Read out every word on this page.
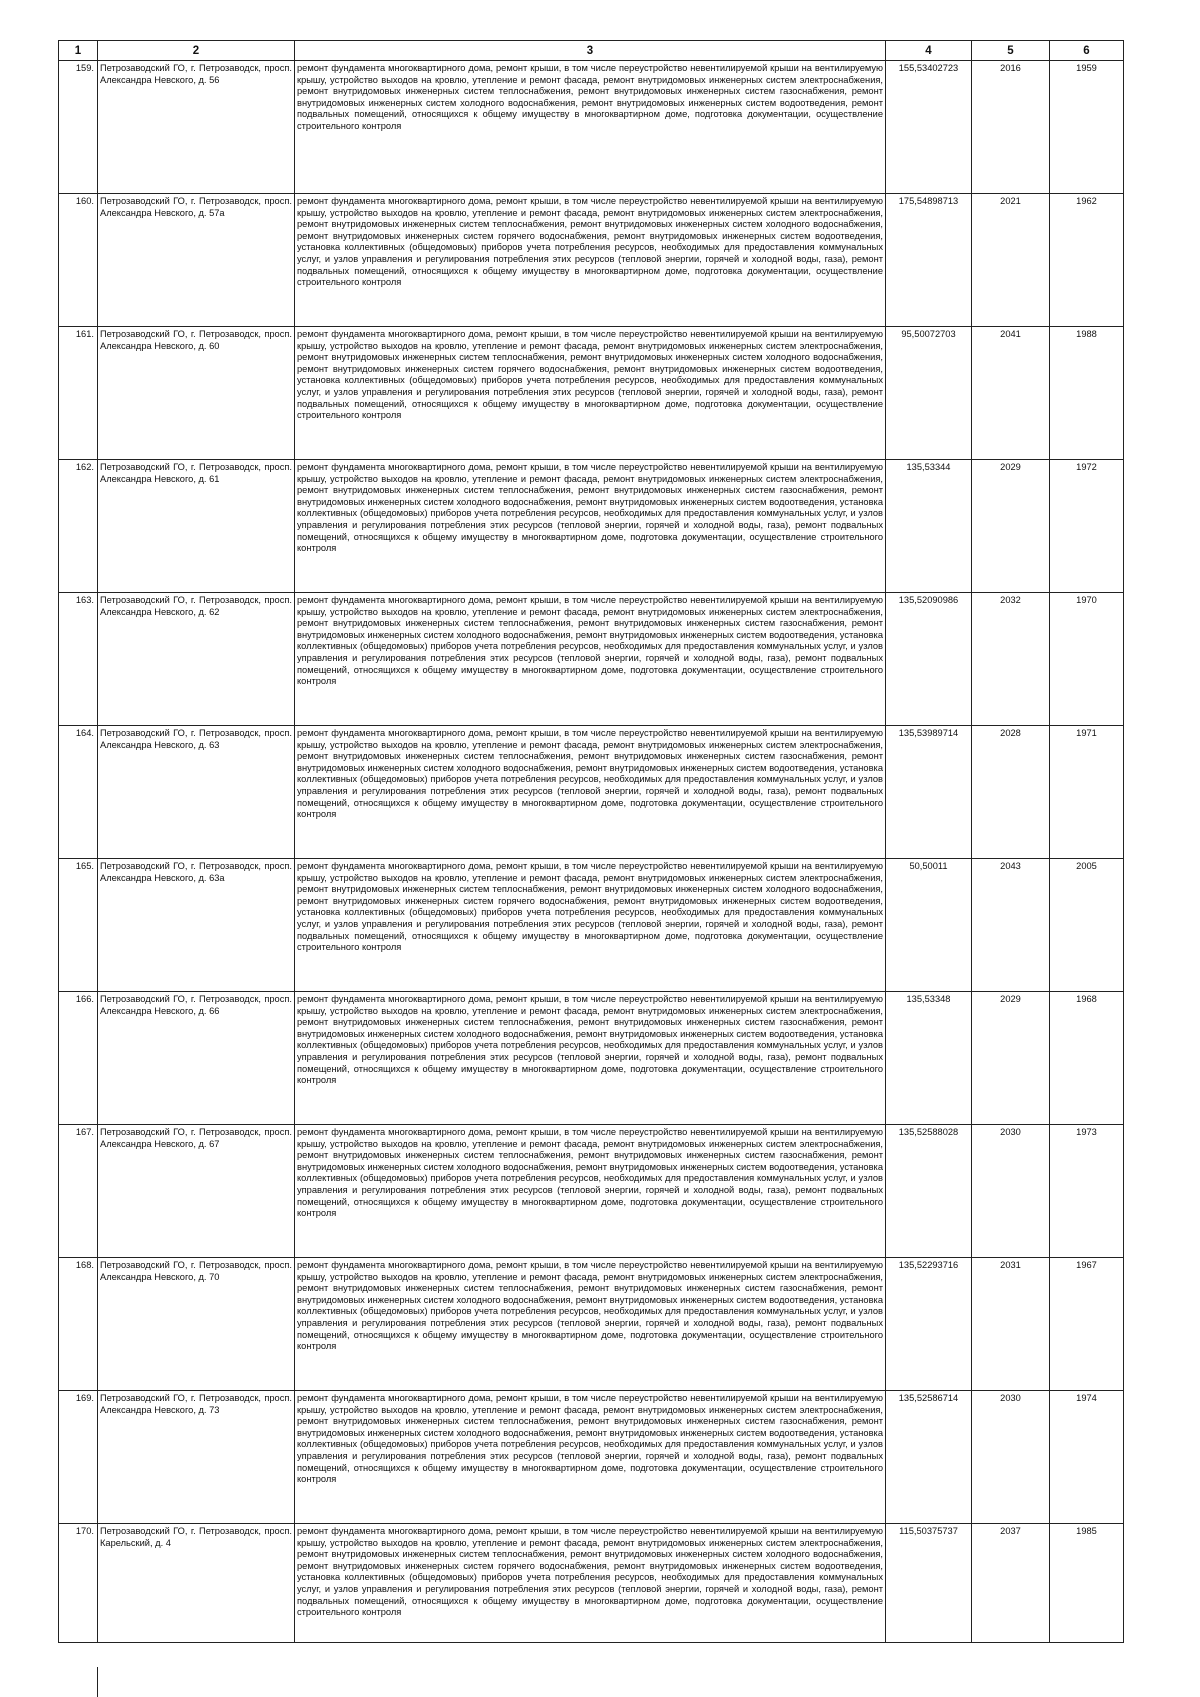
1	2	3	4	5	6
159.	Петрозаводский ГО, г. Петрозаводск, просп. Александра Невского, д. 56	ремонт фундамента многоквартирного дома, ремонт крыши, в том числе переустройство невентилируемой крыши на вентилируемую крышу, устройство выходов на кровлю, утепление и ремонт фасада, ремонт внутридомовых инженерных систем электроснабжения, ремонт внутридомовых инженерных систем теплоснабжения, ремонт внутридомовых инженерных систем газоснабжения, ремонт внутридомовых инженерных систем холодного водоснабжения, ремонт внутридомовых инженерных систем водоотведения, ремонт подвальных помещений, относящихся к общему имуществу в многоквартирном доме, подготовка документации, осуществление строительного контроля	155,53402723	2016	1959
160.	Петрозаводский ГО, г. Петрозаводск, просп. Александра Невского, д. 57а	ремонт фундамента многоквартирного дома, ремонт крыши, в том числе переустройство невентилируемой крыши на вентилируемую крышу, устройство выходов на кровлю, утепление и ремонт фасада, ремонт внутридомовых инженерных систем электроснабжения, ремонт внутридомовых инженерных систем теплоснабжения, ремонт внутридомовых инженерных систем холодного водоснабжения, ремонт внутридомовых инженерных систем горячего водоснабжения, ремонт внутридомовых инженерных систем водоотведения, установка коллективных (общедомовых) приборов учета потребления ресурсов, необходимых для предоставления коммунальных услуг, и узлов управления и регулирования потребления этих ресурсов (тепловой энергии, горячей и холодной воды, газа), ремонт подвальных помещений, относящихся к общему имуществу в многоквартирном доме, подготовка документации, осуществление строительного контроля	175,54898713	2021	1962
161.	Петрозаводский ГО, г. Петрозаводск, просп. Александра Невского, д. 60	ремонт фундамента многоквартирного дома, ремонт крыши, в том числе переустройство невентилируемой крыши на вентилируемую крышу, устройство выходов на кровлю, утепление и ремонт фасада, ремонт внутридомовых инженерных систем электроснабжения, ремонт внутридомовых инженерных систем теплоснабжения, ремонт внутридомовых инженерных систем холодного водоснабжения, ремонт внутридомовых инженерных систем горячего водоснабжения, ремонт внутридомовых инженерных систем водоотведения, установка коллективных (общедомовых) приборов учета потребления ресурсов, необходимых для предоставления коммунальных услуг, и узлов управления и регулирования потребления этих ресурсов (тепловой энергии, горячей и холодной воды, газа), ремонт подвальных помещений, относящихся к общему имуществу в многоквартирном доме, подготовка документации, осуществление строительного контроля	95,50072703	2041	1988
162.	Петрозаводский ГО, г. Петрозаводск, просп. Александра Невского, д. 61	ремонт фундамента многоквартирного дома, ремонт крыши, в том числе переустройство невентилируемой крыши на вентилируемую крышу, устройство выходов на кровлю, утепление и ремонт фасада, ремонт внутридомовых инженерных систем электроснабжения, ремонт внутридомовых инженерных систем теплоснабжения, ремонт внутридомовых инженерных систем газоснабжения, ремонт внутридомовых инженерных систем холодного водоснабжения, ремонт внутридомовых инженерных систем водоотведения, установка коллективных (общедомовых) приборов учета потребления ресурсов, необходимых для предоставления коммунальных услуг, и узлов управления и регулирования потребления этих ресурсов (тепловой энергии, горячей и холодной воды, газа), ремонт подвальных помещений, относящихся к общему имуществу в многоквартирном доме, подготовка документации, осуществление строительного контроля	135,53344	2029	1972
163.	Петрозаводский ГО, г. Петрозаводск, просп. Александра Невского, д. 62	ремонт фундамента многоквартирного дома, ремонт крыши, в том числе переустройство невентилируемой крыши на вентилируемую крышу, устройство выходов на кровлю, утепление и ремонт фасада, ремонт внутридомовых инженерных систем электроснабжения, ремонт внутридомовых инженерных систем теплоснабжения, ремонт внутридомовых инженерных систем газоснабжения, ремонт внутридомовых инженерных систем холодного водоснабжения, ремонт внутридомовых инженерных систем водоотведения, установка коллективных (общедомовых) приборов учета потребления ресурсов, необходимых для предоставления коммунальных услуг, и узлов управления и регулирования потребления этих ресурсов (тепловой энергии, горячей и холодной воды, газа), ремонт подвальных помещений, относящихся к общему имуществу в многоквартирном доме, подготовка документации, осуществление строительного контроля	135,52090986	2032	1970
164.	Петрозаводский ГО, г. Петрозаводск, просп. Александра Невского, д. 63	ремонт фундамента многоквартирного дома, ремонт крыши, в том числе переустройство невентилируемой крыши на вентилируемую крышу, устройство выходов на кровлю, утепление и ремонт фасада, ремонт внутридомовых инженерных систем электроснабжения, ремонт внутридомовых инженерных систем теплоснабжения, ремонт внутридомовых инженерных систем газоснабжения, ремонт внутридомовых инженерных систем холодного водоснабжения, ремонт внутридомовых инженерных систем водоотведения, установка коллективных (общедомовых) приборов учета потребления ресурсов, необходимых для предоставления коммунальных услуг, и узлов управления и регулирования потребления этих ресурсов (тепловой энергии, горячей и холодной воды, газа), ремонт подвальных помещений, относящихся к общему имуществу в многоквартирном доме, подготовка документации, осуществление строительного контроля	135,53989714	2028	1971
165.	Петрозаводский ГО, г. Петрозаводск, просп. Александра Невского, д. 63а	ремонт фундамента многоквартирного дома, ремонт крыши, в том числе переустройство невентилируемой крыши на вентилируемую крышу, устройство выходов на кровлю, утепление и ремонт фасада, ремонт внутридомовых инженерных систем электроснабжения, ремонт внутридомовых инженерных систем теплоснабжения, ремонт внутридомовых инженерных систем холодного водоснабжения, ремонт внутридомовых инженерных систем горячего водоснабжения, ремонт внутридомовых инженерных систем водоотведения, установка коллективных (общедомовых) приборов учета потребления ресурсов, необходимых для предоставления коммунальных услуг, и узлов управления и регулирования потребления этих ресурсов (тепловой энергии, горячей и холодной воды, газа), ремонт подвальных помещений, относящихся к общему имуществу в многоквартирном доме, подготовка документации, осуществление строительного контроля	50,50011	2043	2005
166.	Петрозаводский ГО, г. Петрозаводск, просп. Александра Невского, д. 66	ремонт фундамента многоквартирного дома, ремонт крыши, в том числе переустройство невентилируемой крыши на вентилируемую крышу, устройство выходов на кровлю, утепление и ремонт фасада, ремонт внутридомовых инженерных систем электроснабжения, ремонт внутридомовых инженерных систем теплоснабжения, ремонт внутридомовых инженерных систем газоснабжения, ремонт внутридомовых инженерных систем холодного водоснабжения, ремонт внутридомовых инженерных систем водоотведения, установка коллективных (общедомовых) приборов учета потребления ресурсов, необходимых для предоставления коммунальных услуг, и узлов управления и регулирования потребления этих ресурсов (тепловой энергии, горячей и холодной воды, газа), ремонт подвальных помещений, относящихся к общему имуществу в многоквартирном доме, подготовка документации, осуществление строительного контроля	135,53348	2029	1968
167.	Петрозаводский ГО, г. Петрозаводск, просп. Александра Невского, д. 67	ремонт фундамента многоквартирного дома, ремонт крыши, в том числе переустройство невентилируемой крыши на вентилируемую крышу, устройство выходов на кровлю, утепление и ремонт фасада, ремонт внутридомовых инженерных систем электроснабжения, ремонт внутридомовых инженерных систем теплоснабжения, ремонт внутридомовых инженерных систем газоснабжения, ремонт внутридомовых инженерных систем холодного водоснабжения, ремонт внутридомовых инженерных систем водоотведения, установка коллективных (общедомовых) приборов учета потребления ресурсов, необходимых для предоставления коммунальных услуг, и узлов управления и регулирования потребления этих ресурсов (тепловой энергии, горячей и холодной воды, газа), ремонт подвальных помещений, относящихся к общему имуществу в многоквартирном доме, подготовка документации, осуществление строительного контроля	135,52588028	2030	1973
168.	Петрозаводский ГО, г. Петрозаводск, просп. Александра Невского, д. 70	ремонт фундамента многоквартирного дома, ремонт крыши, в том числе переустройство невентилируемой крыши на вентилируемую крышу, устройство выходов на кровлю, утепление и ремонт фасада, ремонт внутридомовых инженерных систем электроснабжения, ремонт внутридомовых инженерных систем теплоснабжения, ремонт внутридомовых инженерных систем газоснабжения, ремонт внутридомовых инженерных систем холодного водоснабжения, ремонт внутридомовых инженерных систем водоотведения, установка коллективных (общедомовых) приборов учета потребления ресурсов, необходимых для предоставления коммунальных услуг, и узлов управления и регулирования потребления этих ресурсов (тепловой энергии, горячей и холодной воды, газа), ремонт подвальных помещений, относящихся к общему имуществу в многоквартирном доме, подготовка документации, осуществление строительного контроля	135,52293716	2031	1967
169.	Петрозаводский ГО, г. Петрозаводск, просп. Александра Невского, д. 73	ремонт фундамента многоквартирного дома, ремонт крыши, в том числе переустройство невентилируемой крыши на вентилируемую крышу, устройство выходов на кровлю, утепление и ремонт фасада, ремонт внутридомовых инженерных систем электроснабжения, ремонт внутридомовых инженерных систем теплоснабжения, ремонт внутридомовых инженерных систем газоснабжения, ремонт внутридомовых инженерных систем холодного водоснабжения, ремонт внутридомовых инженерных систем водоотведения, установка коллективных (общедомовых) приборов учета потребления ресурсов, необходимых для предоставления коммунальных услуг, и узлов управления и регулирования потребления этих ресурсов (тепловой энергии, горячей и холодной воды, газа), ремонт подвальных помещений, относящихся к общему имуществу в многоквартирном доме, подготовка документации, осуществление строительного контроля	135,52586714	2030	1974
170.	Петрозаводский ГО, г. Петрозаводск, просп. Карельский, д. 4	ремонт фундамента многоквартирного дома, ремонт крыши, в том числе переустройство невентилируемой крыши на вентилируемую крышу, устройство выходов на кровлю, утепление и ремонт фасада, ремонт внутридомовых инженерных систем электроснабжения, ремонт внутридомовых инженерных систем теплоснабжения, ремонт внутридомовых инженерных систем холодного водоснабжения, ремонт внутридомовых инженерных систем горячего водоснабжения, ремонт внутридомовых инженерных систем водоотведения, установка коллективных (общедомовых) приборов учета потребления ресурсов, необходимых для предоставления коммунальных услуг, и узлов управления и регулирования потребления этих ресурсов (тепловой энергии, горячей и холодной воды, газа), ремонт подвальных помещений, относящихся к общему имуществу в многоквартирном доме, подготовка документации, осуществление строительного контроля	115,50375737	2037	1985
